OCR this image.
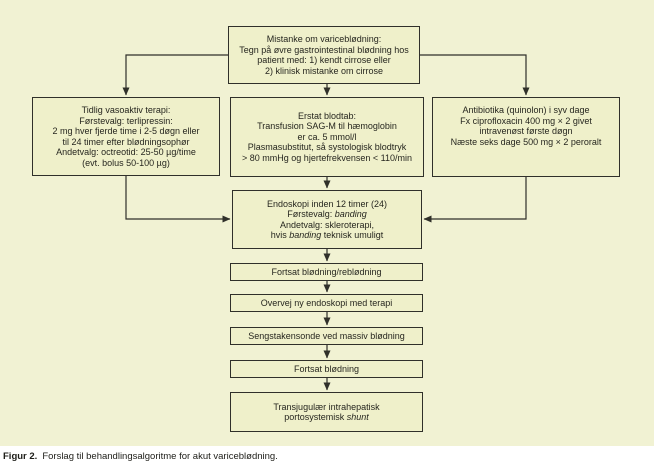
Mistanke om variceblødning:
Tegn på øvre gastrointestinal blødning hos
patient med: 1) kendt cirrose eller
2) klinisk mistanke om cirrose
Tidlig vasoaktiv terapi:
Førstevalg: terlipressin:
2 mg hver fjerde time i 2-5 døgn eller
til 24 timer efter blødningsophør
Andetvalg: octreotid: 25-50 µg/time
(evt. bolus 50-100 µg)
Erstat blodtab:
Transfusion SAG-M til hæmoglobin
er ca. 5 mmol/l
Plasmasubstitut, så systologisk blodtryk
> 80 mmHg og hjertefrekvensen < 110/min
Antibiotika (quinolon) i syv dage
Fx ciprofloxacin 400 mg × 2 givet
intravenøst første døgn
Næste seks dage 500 mg × 2 peroralt
Endoskopi inden 12 timer (24)
Førstevalg: banding
Andetvalg: skleroterapi,
hvis banding teknisk umuligt
Fortsat blødning/reblødning
Overvej ny endoskopi med terapi
Sengstakensonde ved massiv blødning
Fortsat blødning
Transjugulær intrahepatisk
portosystemisk shunt
Figur 2. Forslag til behandlingsalgoritme for akut variceblødning.
